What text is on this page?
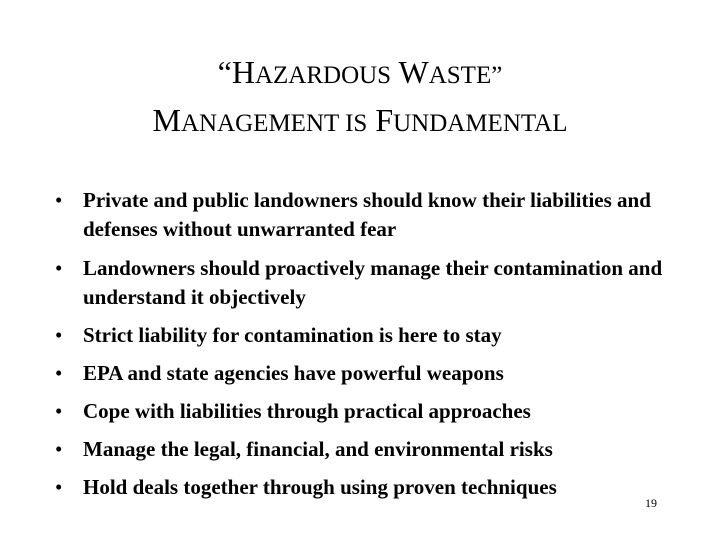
“HAZARDOUS WASTE”
MANAGEMENT IS FUNDAMENTAL
• Private and public landowners should know their liabilities and defenses without unwarranted fear
• Landowners should proactively manage their contamination and understand it objectively
• Strict liability for contamination is here to stay
• EPA and state agencies have powerful weapons
• Cope with liabilities through practical approaches
• Manage the legal, financial, and environmental risks
• Hold deals together through using proven techniques
19
